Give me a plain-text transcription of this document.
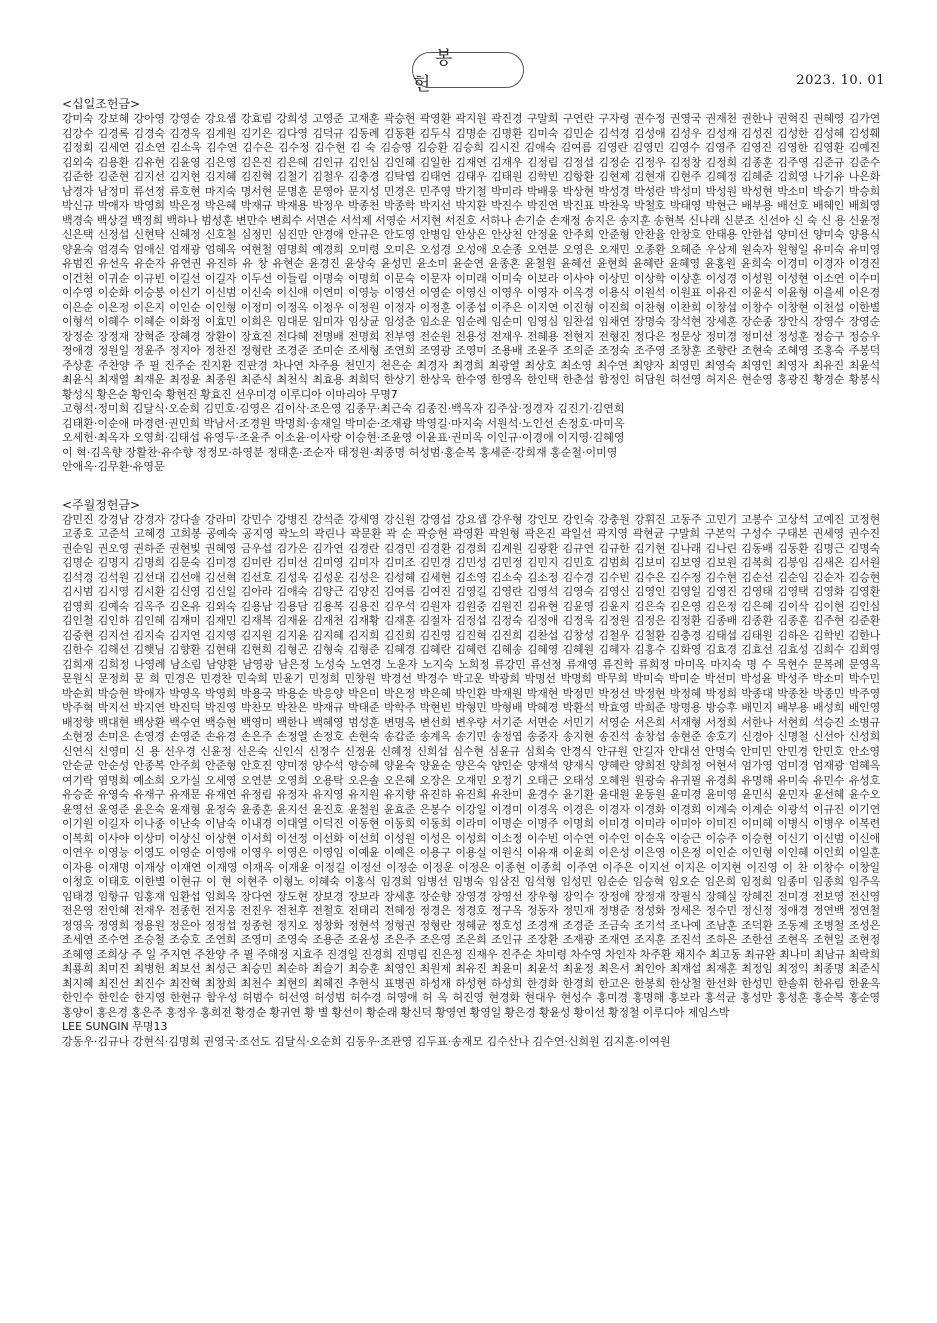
봉 헌	2023. 10. 01

<십일조헌금>

강미숙 강보혜 강아영 강영순 강요셉 강효림 강희성 고영준 고재훈 곽승현 곽영환 곽지원 곽진경 구말희 구연란 구자령 권수정 권영국 권재천 권한나 권혁진 권혜영 김가연 김강수 김경록 김경숙 김경욱 김계원 김기은 김다영 김덕규 김동례 김동환 김두식 김명순 김명환 김미숙 김민순 김석경 김성애 김성우 김성재 김성진 김성한 김성혜 김성훼 김정회 김세연 김소연 김소욱 김수연 김수은 김수정 김수현 김 숙 김승영 김승환 김승희 김시진 김애숙 김여름 김영란 김영민 김영수 김영주 김영진 김영한 김영환 김예진 김외숙 김용환 김유현 김윤영 김은영 김은진 김은혜 김인규 김인심 김인혜 김일한 김재연 김재우 김정림 김정섭 김정순 김정우 김정창 김정희 김종훈 김주영 김준규 김준수 김준한 김준현 김지선 김지현 김지혜 김진혁 김철기 김철우 김충경 김탁엽 김태연 김태우 김태원 김학빈 김항환 김현제 김현재 김현주 김혜정 김혜준 김희영 나기유 나은화 남경자 남정미 류선정 류호현 마지숙 명서현 문명훈 문영아 문지성 민경은 민주영 박기철 박미라 박배웅 박상현 박성경 박성란 박성미 박성원 박성현 박소미 박승기 박승희 박신규 박애자 박영희 박은정 박은혜 박재규 박재용 박정우 박종천 박종학 박지선 박지환 박진수 박진연 박진표 박찬욱 박철호 박태영 박현근 배부용 배선호 배혜인 배희영 백경숙 백상걸 백정희 백하나 범성훈 변만수 변희수 서면순 서석제 서영순 서지현 서진호 서하나 손기순 손재정 송지은 송지훈 송현복 신나래 신분조 신선아 신 숙 신 용 신윤정 신은택 신정섭 신현탁 신혜정 신호철 심정민 심진만 안경애 안규은 안도영 안병임 안상은 안상천 안정윤 안주희 안준형 안찬율 안창호 안태용 안한섭 양미선 양미숙 양용식 양윤숙 엄경숙 엄애신 엄재광 엄혜옥 여현철 염명희 예경희 오미령 오미은 오성경 오성애 오순종 오연분 오영은 오재민 오종환 오혜준 우삼제 원숙자 원형일 유미숙 유미영 유범진 유선옥 유순자 유연권 유진하 유 창 유현순 윤경진 윤상숙 윤성민 윤소미 윤순연 윤종혼 윤철원 윤혜선 윤현희 윤혜란 윤혜영 윤홍원 윤희숙 이경미 이경자 이경진 이건천 이귀순 이규빈 이길선 이길자 이두선 이들림 이명숙 이명희 이문숙 이문자 이미래 이미숙 이보라 이사야 이상민 이상학 이상훈 이성경 이성원 이성현 이소연 이수미 이수영 이순화 이승봉 이신기 이신범 이신숙 이신애 이연미 이영능 이영선 이영순 이영신 이영우 이영자 이옥경 이용식 이원석 이원표 이유진 이윤식 이윤형 이을세 이은경 이은순 이은정 이은지 이인순 이인형 이정미 이정옥 이정우 이정원 이정자 이정훈 이종섭 이주은 이지연 이진형 이진희 이찬형 이찬희 이창섭 이창수 이창현 이천섭 이한별 이형석 이혜수 이혜순 이화정 이효민 이희은 임대문 임미자 임상균 임성춘 임소운 임순례 임순미 임영심 임찬섭 임채연 장명숙 장석현 장세훈 장순종 장안식 장영수 장영순 장정순 장정재 장혁준 장혜경 장환이 장효진 전다혜 전명배 전명희 전부영 전순원 전용성 전재우 전혜용 전현지 전형진 정다은 정문상 정미경 정미선 정성훈 정승구 정승우 정애경 정원일 정윤주 정지아 정찬진 정형란 조경준 조미순 조세형 조연희 조영광 조영미 조용배 조윤주 조의준 조정숙 조주영 조창훈 조향란 조현숙 조혜영 조홍숙 주봉덕 주상훈 주찬양 주 필 진주순 진지환 진판경 차나연 차주용 천민지 천은순 최경자 최경희 최광열 최상호 최소영 최수연 최양자 최영민 최영숙 최영인 최영자 최유진 최윤석 최윤식 최재열 최재운 최정윤 최종원 최준식 최천식 최효용 최희덕 한상기 한상욱 한수영 한영옥 한인택 한춘섭 함정인 허담원 허선영 허지은 현순영 홍광진 황경순 황봉식 황성식 황은순 황인숙 황현진 황효진 선우미경 이루디아 이마리아 무명7

고형석·정미희 김달식·오순희 김민호·김영은 김이삭·조은영 김종무·최근숙 김종진·백옥자 김주삼·정경자 김진기·김연희

김태환·이순애 마경련·권민희 박남서·조경원 박명희·송재일 박미순·조재광 박영길·마지숙 서원석·노인선 손정호·마미옥

오세헌·최옥자 오영희·김태섭 유영두·조윤주 이소윤·이사랑 이승현·조윤영 이윤표·권미옥 이인규·이경애 이지영·김혜영

이 혁·김옥향 장활찬·유수향 정정모·하영분 정태훈·조순자 태정원·최종명 허성범·홍순복 홍세준·강희재 홍순철·이미영

안애옥·김무환·유영문

<주월정헌금>

감민진 강경남 강경자 강다솔 강라미 강민수 강병진 강석준 강세영 강신원 강영섭 강요셉 강우형 강인모 강인숙 강충원 강휘진 고동주 고민기 고봉수 고상석 고예진 고정현 고종호 고준석 고혜경 고희봉 공예숙 공지영 곽노의 곽린나 곽문환 곽 순 곽승현 곽영환 곽원형 곽은진 곽일선 곽지영 곽현균 구말희 구본익 구성수 구태본 권세영 권수진 권순임 권오영 권하준 권현빛 권혜영 금우섭 김가은 김가연 김경란 김경민 김경환 김경희 김계원 김광환 김규연 김규한 김기현 김나래 김나린 김동배 김동환 김명근 김명숙 김명순 김명지 김명희 김문숙 김미경 김미란 김미선 김미영 김미자 김미조 김민경 김민성 김민정 김민지 김민호 김범희 김보미 김보영 김보원 김복희 김봉임 김새온 김서원 김석경 김석원 김선대 김선애 김선혁 김선호 김성욱 김성운 김성은 김성혜 김세현 김소영 김소숙 김소정 김수경 김수빈 김수은 김수정 김수현 김순선 김순임 김순자 김승현 김시범 김시영 김시환 김신영 김신일 김아라 김애숙 김양근 김양진 김여름 김여진 김영길 김영란 김영석 김영숙 김영신 김영인 김영일 김영진 김영태 김영택 김영화 김영환 김영희 김예숙 김옥주 김온유 김외숙 김용남 김용담 김용복 김용진 김우석 김원자 김원중 김원진 김유현 김윤영 김윤지 김은숙 김은영 김은정 김은혜 김이삭 김이현 김인심 김인철 김인하 김인혜 김재미 김재민 김재복 김재윤 김재천 김재황 김재훈 김절자 김정섭 김정숙 김정애 김정욱 김정원 김정은 김정환 김종배 김종환 김종훈 김주현 김준환 김중현 김지선 김지숙 김지연 김지영 김지원 김지윤 김지혜 김지희 김진희 김진영 김진혁 김진희 김찬섭 김창성 김철우 김철환 김충경 김태섭 김태원 김하은 김학빈 김한나 김한수 김해선 김햇님 김향환 김현태 김현희 김형곤 김형숙 김형준 김혜경 김혜란 김혜련 김혜송 김혜영 김혜원 김혜자 김홍수 김화영 김효경 김효선 김효성 김희수 김희영 김희재 김희정 나영례 남소림 남양환 남영광 남은정 노성숙 노연경 노운자 노지숙 노희정 류강민 류선정 류재영 류진학 류희정 마미옥 마지숙 명 수 목현수 문복례 문영옥 문원식 문정희 문 희 민경은 민경찬 민숙희 민윤기 민정희 민창원 박경선 박경수 박고운 박광희 박명선 박명희 박무희 박미숙 박미순 박선미 박성윤 박성주 박소미 박수민 박순희 박승현 박애자 박영옥 박영희 박용국 박용순 박응양 박은미 박은정 박은혜 박인환 박재원 박재현 박정민 박정선 박정현 박정혜 박정희 박종대 박종찬 박종민 박주영 박주혁 박지선 박지연 박진덕 박진영 박찬모 박찬은 박재규 박태준 박학주 박현빈 박형민 박형배 박혜경 박환석 박효영 박희준 방명용 방승후 배민지 배부용 배성희 배인영 배정향 백대현 백상환 백수연 백승현 백영미 백한나 백혜영 범성훈 변명옥 변선희 변우량 서기준 서면순 서민기 서영순 서은희 서재형 서정희 서한나 서현희 석승진 소병규 소현정 손미은 손영경 손영준 손유경 손은주 손정열 손정호 손현숙 송갑준 송계옥 송기민 송정엽 송중자 송지현 송진석 송창섭 송현준 송호기 신경아 신명철 신선아 신성희 신연식 신영미 신 용 신우경 신윤정 신은숙 신인식 신정수 신정윤 신혜정 신희섭 심수현 심윤규 심희숙 안경식 안규원 안길자 안대선 안명숙 안미민 안민경 안민호 안소영 안순균 안순성 안종복 안주희 안준형 안호진 양미정 양수석 양승혜 양윤숙 양윤순 양은숙 양인순 양재석 양재식 양혜란 양희전 양희정 어현서 엄가영 엄미경 엄재광 엄혜옥 여기락 염명희 예소희 오가실 오세영 오연분 오영희 오용탁 오은솔 오은혜 오장은 오재민 오정기 오태근 오태성 오혜원 원광숙 유귀필 유경희 유명해 유미숙 유민수 유성호 유승준 유영숙 유재구 유재문 유재연 유정림 유정자 유지영 유지원 유지향 유진하 유진희 유찬미 윤경수 윤기환 윤대원 윤동원 윤미경 윤미영 윤민식 윤민자 윤선혜 윤수오 윤영선 윤영준 윤은숙 윤재형 윤정숙 윤종훈 윤지선 윤진호 윤철원 윤효준 은봉수 이강일 이경미 이경옥 이경은 이경자 이경화 이경희 이계숙 이계순 이광석 이규진 이기연 이기원 이길자 이나종 이난숙 이남숙 이내경 이대열 이덕진 이동현 이동희 이동희 이라미 이명순 이명주 이명희 이미경 이미라 이미아 이미진 이미혜 이병식 이병우 이복련 이복희 이사야 이상미 이상신 이상현 이서희 이선정 이선화 이선희 이성원 이성은 이성희 이소정 이수빈 이수연 이수인 이순옥 이승근 이승주 이승현 이신기 이신범 이신애 이연우 이영능 이영도 이영순 이영애 이영우 이영은 이영임 이예윤 이예은 이용구 이용실 이원식 이유재 이윤희 이은성 이은영 이은정 이인순 이인형 이인혜 이인희 이일훈 이자용 이재명 이재상 이재연 이재영 이재옥 이재윤 이정길 이정선 이정순 이정운 이정은 이종현 이종희 이주연 이주은 이지선 이지은 이지현 이진영 이 찬 이창수 이창일 이청호 이태호 이한별 이현규 이 현 이현주 이형노 이혜숙 이홍식 임경희 임병선 임병숙 임삼진 임석형 임성민 임순순 임승혁 임오순 임은희 임정희 임종미 임종희 임주옥 임태경 임항규 임홍재 임환섭 임희옥 장다연 장도현 장보경 장보라 장세훈 장순향 장영경 장영선 장우형 장익수 장정애 장정재 장필식 장혜실 장혜진 전미경 전보영 전신영 전은영 전인혜 전재우 전종헌 전지웅 전진우 전천후 전철호 전태리 전혜정 정경은 정경호 정구옥 정동자 정민재 정병준 정성화 정세은 정수민 정신정 정애경 정연백 정연철 정영옥 정영희 정용원 정은아 정정섭 정종헌 정지오 정창화 정현석 정형권 정형란 정혜균 정호성 조경재 조경준 조금숙 조기석 조나예 조남훈 조덕환 조동제 조병철 조성은 조세연 조수연 조승철 조승호 조연희 조영미 조영숙 조용준 조윤성 조은주 조은영 조은희 조인규 조장환 조재광 조재연 조지훈 조진석 조하은 조한선 조현옥 조현일 조현정 조혜영 조희상 주 일 주지연 주찬양 주 필 주해정 지효주 진경일 진경희 진명림 진은정 진재우 진주순 차미령 차수영 차인자 차주환 채지수 최고동 최규완 최나미 최남규 최락희 최룡희 최미진 최병헌 최보선 최성근 최승민 최순하 최슬기 최승훈 최영인 최원제 최유진 최윤미 최윤석 최윤정 최은서 최인아 최재섭 최재훈 최정임 최정익 최종명 최준식 최지혜 최진선 최진수 최진혁 최창희 최천수 최현의 최혜진 추현식 표병권 하성재 하성현 하성희 한경화 한경희 한고은 한봉희 한상철 한선화 한성민 한솔휘 한유림 한윤옥 한인수 한인순 한지영 한현규 함우성 허범수 허선영 허성범 허수경 허영애 허 옥 허진영 현경화 현대우 현성수 홍미경 홍명해 홍보라 홍석균 홍성만 홍성훈 홍순복 홍순영 홍양이 홍은경 홍은주 홍정우 홍희전 황경순 황귀연 황 별 황선이 황순래 황신덕 황영연 황영일 황은경 황윤성 황이선 황정철 이루디아 제임스박

LEE SUNGIN 무명13

강동우·김규나 강현식·김명희 권영국·조선도 김달식·오순희 김동우·조관영 김두표·송재모 김수산나 김수연·신희원 김지훈·이여원
